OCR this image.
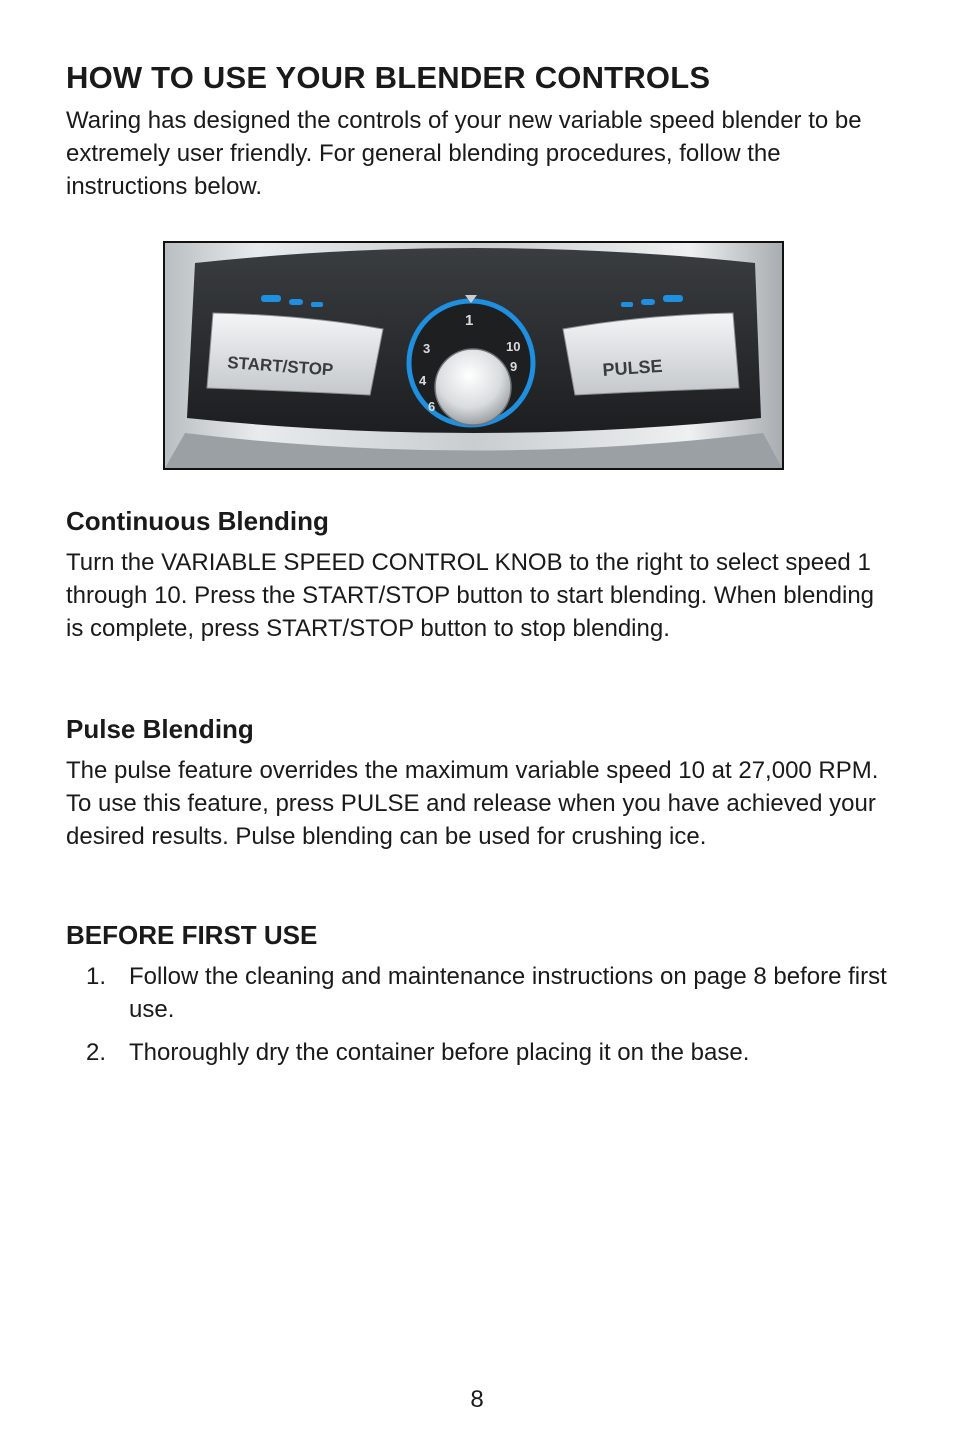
HOW TO USE YOUR BLENDER CONTROLS

Waring has designed the controls of your new variable speed blender to be extremely user friendly. For general blending procedures, follow the instructions below.

START/STOP	PULSE
1
3
4
6
9
10
Continuous Blending

Turn the VARIABLE SPEED CONTROL KNOB to the right to select speed 1 through 10. Press the START/STOP button to start blending. When blending is complete, press START/STOP button to stop blending.

Pulse Blending

The pulse feature overrides the maximum variable speed 10 at 27,000 RPM. To use this feature, press PULSE and release when you have achieved your desired results. Pulse blending can be used for crushing ice.

BEFORE FIRST USE
1. Follow the cleaning and maintenance instructions on page 8 before first use.
2. Thoroughly dry the container before placing it on the base.
8
